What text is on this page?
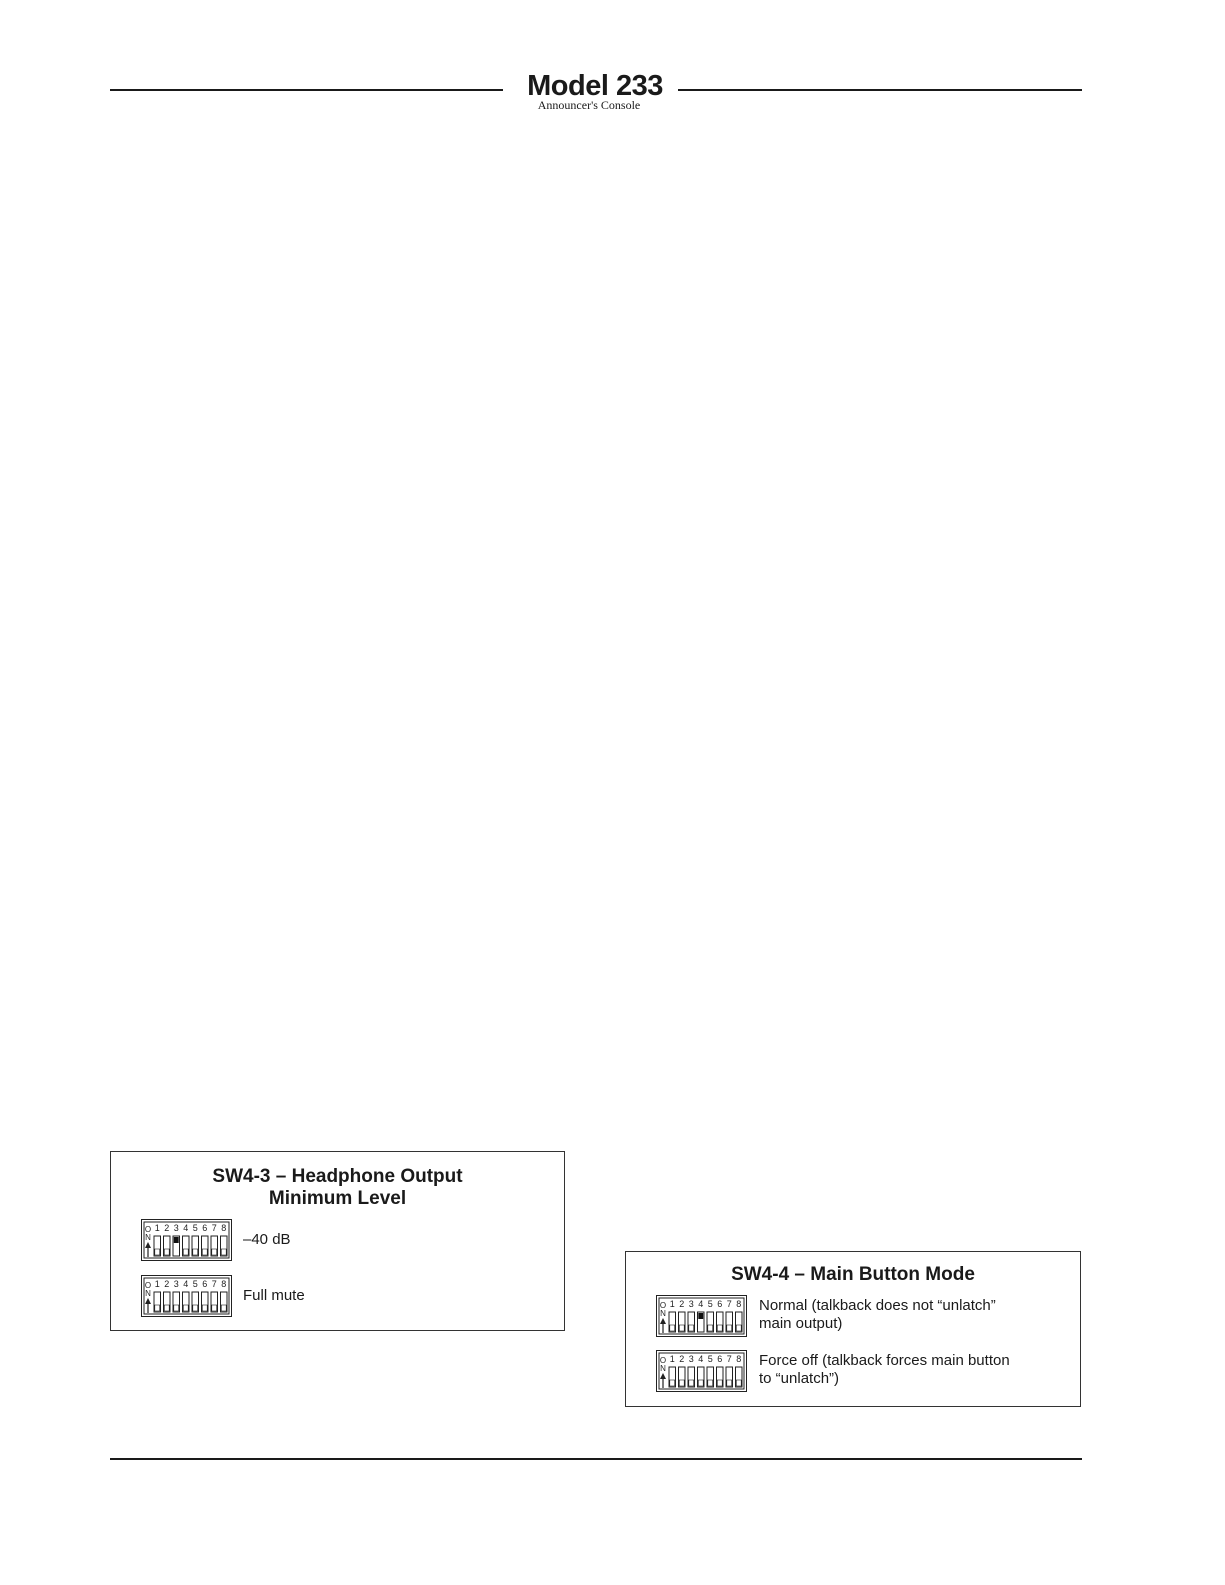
Model 233
Announcer's Console
SW4-3 – Headphone Output
Minimum Level
O
N
1 2 3 4 5 6 7 8
–40 dB
O
N
1 2 3 4 5 6 7 8
Full mute
SW4-4 – Main Button Mode
O
N
1 2 3 4 5 6 7 8 Normal (talkback does not “unlatch”
main output)
O
N
1 2 3 4 5 6 7 8 Force off (talkback forces main button
to “unlatch”)
